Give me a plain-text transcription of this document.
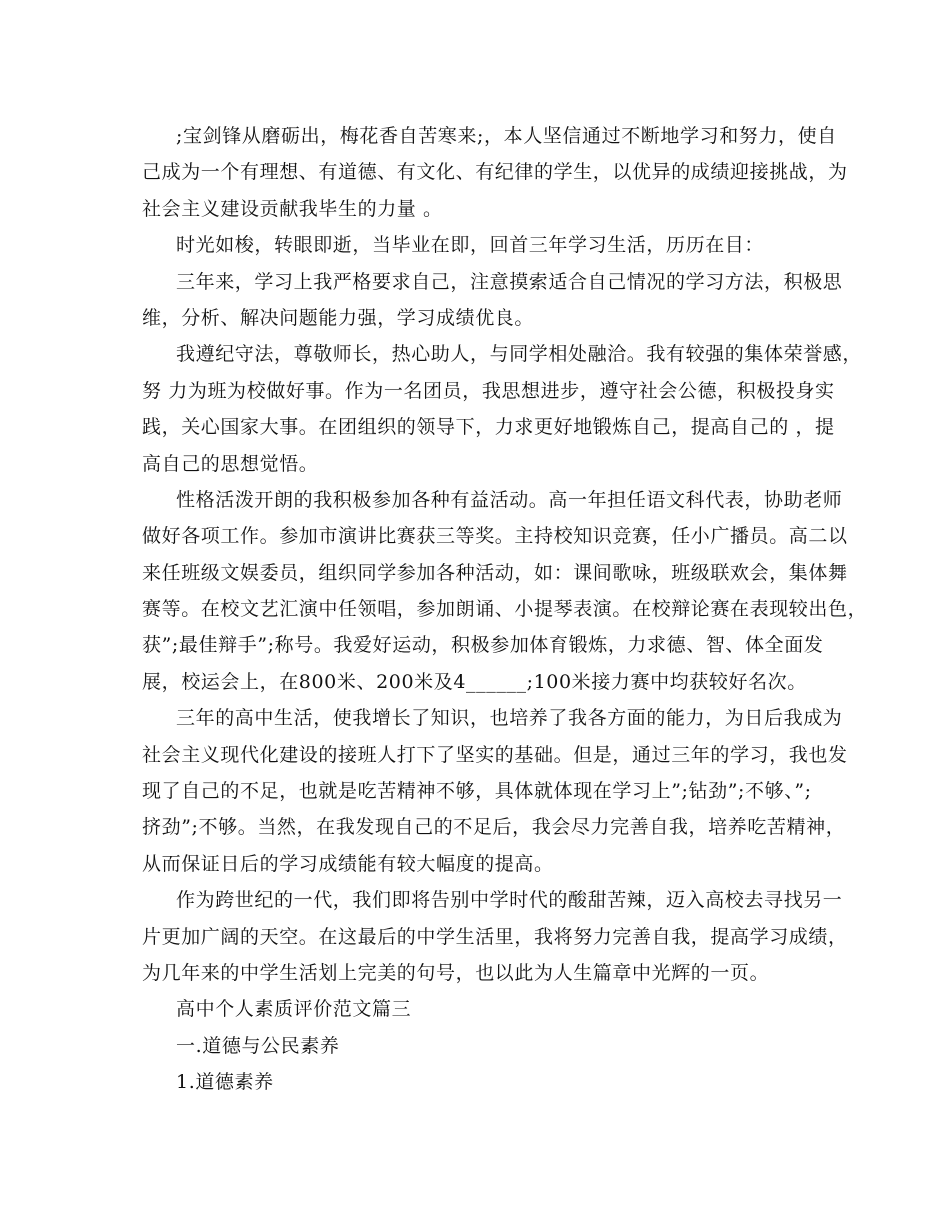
;宝剑锋从磨砺出，梅花香自苦寒来;，本人坚信通过不断地学习和努力，使自
己成为一个有理想、有道德、有文化、有纪律的学生，以优异的成绩迎接挑战，为
社会主义建设贡献我毕生的力量 。
时光如梭，转眼即逝，当毕业在即，回首三年学习生活，历历在目：
三年来，学习上我严格要求自己，注意摸索适合自己情况的学习方法，积极思
维，分析、解决问题能力强，学习成绩优良。
我遵纪守法，尊敬师长，热心助人，与同学相处融洽。我有较强的集体荣誉感，
努 力为班为校做好事。作为一名团员，我思想进步，遵守社会公德，积极投身实
践，关心国家大事。在团组织的领导下，力求更好地锻炼自己，提高自己的 ，提
高自己的思想觉悟。
性格活泼开朗的我积极参加各种有益活动。高一年担任语文科代表，协助老师
做好各项工作。参加市演讲比赛获三等奖。主持校知识竞赛，任小广播员。高二以
来任班级文娱委员，组织同学参加各种活动，如：课间歌咏，班级联欢会，集体舞
赛等。在校文艺汇演中任领唱，参加朗诵、小提琴表演。在校辩论赛在表现较出色，
获”;最佳辩手”;称号。我爱好运动，积极参加体育锻炼，力求德、智、体全面发
展，校运会上，在800米、200米及4______;100米接力赛中均获较好名次。
三年的高中生活，使我增长了知识，也培养了我各方面的能力，为日后我成为
社会主义现代化建设的接班人打下了坚实的基础。但是，通过三年的学习，我也发
现了自己的不足，也就是吃苦精神不够，具体就体现在学习上”;钻劲”;不够、”;
挤劲”;不够。当然，在我发现自己的不足后，我会尽力完善自我，培养吃苦精神，
从而保证日后的学习成绩能有较大幅度的提高。
作为跨世纪的一代，我们即将告别中学时代的酸甜苦辣，迈入高校去寻找另一
片更加广阔的天空。在这最后的中学生活里，我将努力完善自我，提高学习成绩，
为几年来的中学生活划上完美的句号，也以此为人生篇章中光辉的一页。
高中个人素质评价范文篇三
一.道德与公民素养
1.道德素养
